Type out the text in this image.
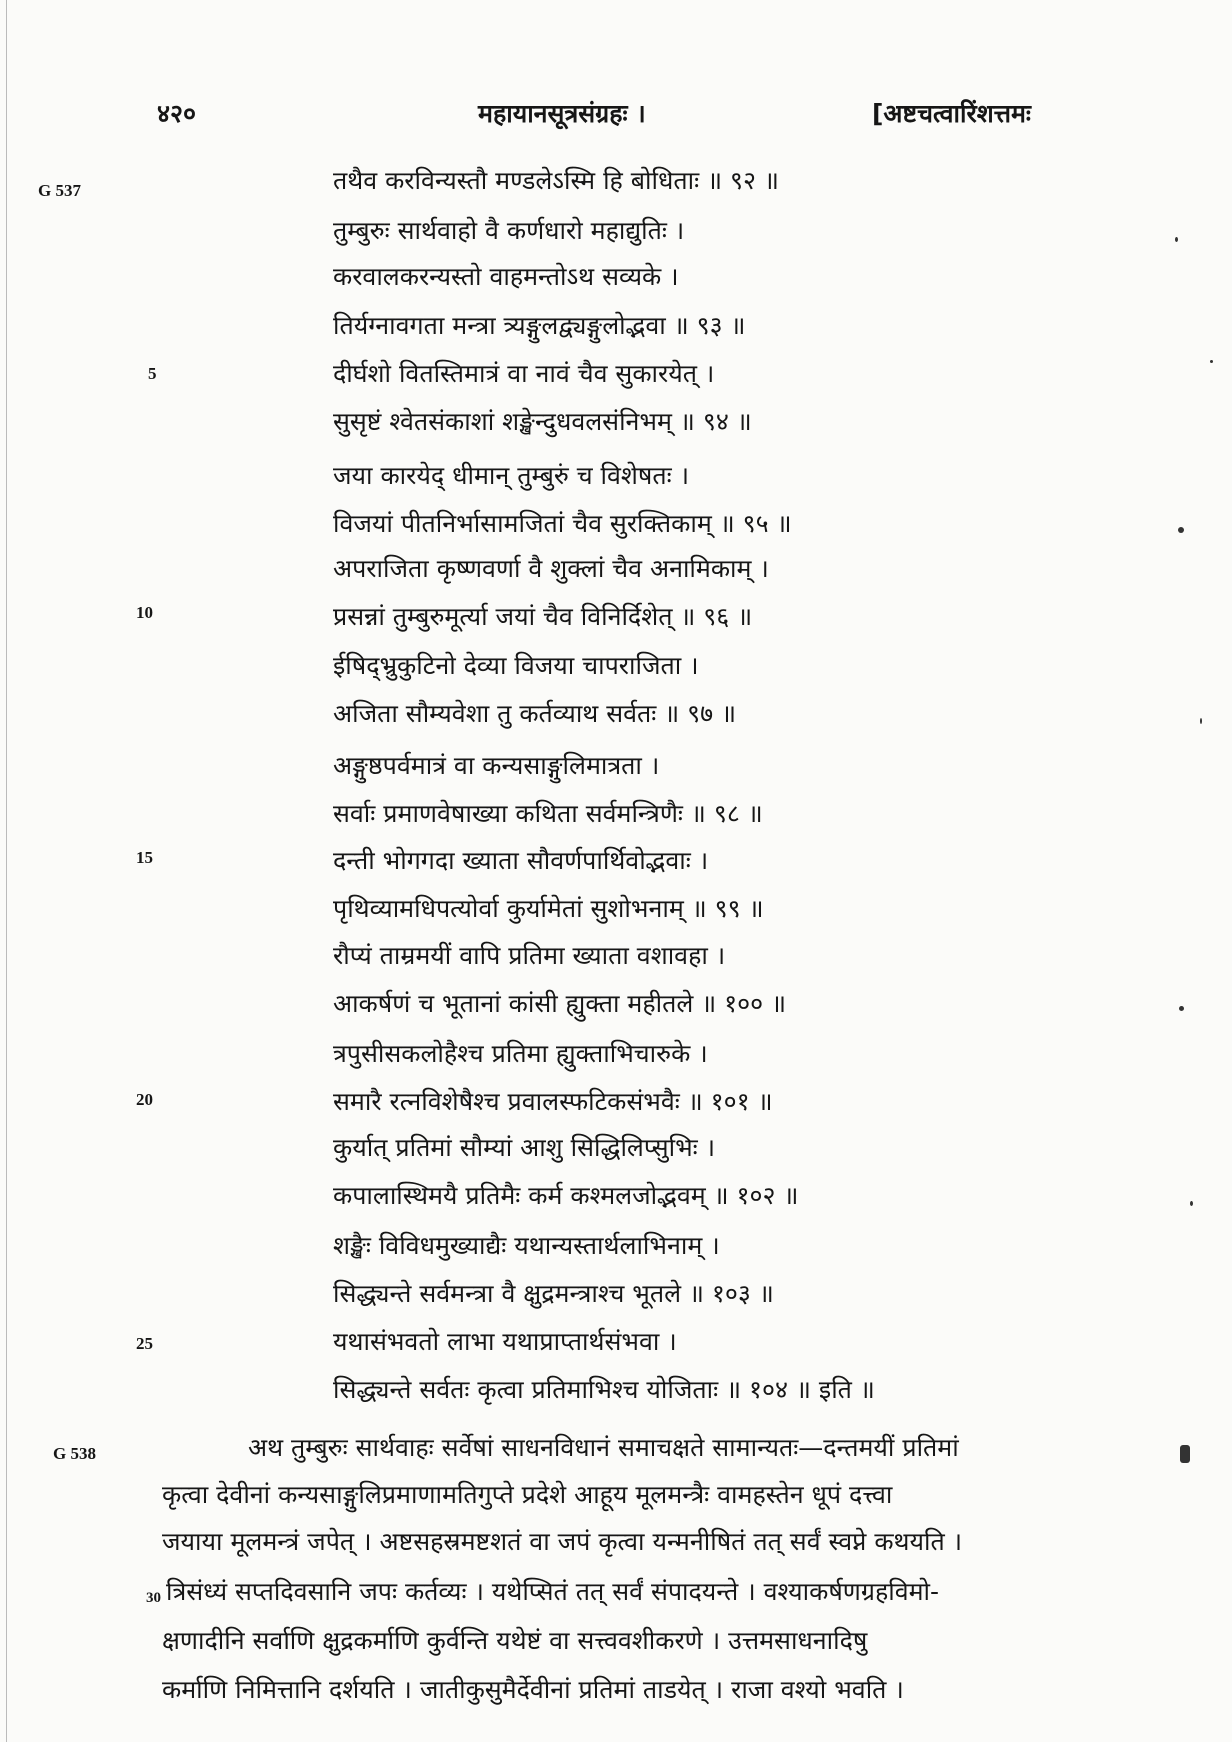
४२०	महायानसूत्रसंग्रहः ।	[अष्टचत्वारिंशत्तमः
G 537
5
10
15
20
25
G 538
30
तथैव करविन्यस्तौ मण्डलेऽस्मि हि बोधिताः ॥ ९२ ॥
तुम्बुरुः सार्थवाहो वै कर्णधारो महाद्युतिः ।
करवालकरन्यस्तो वाहमन्तोऽथ सव्यके ।
तिर्यग्नावगता मन्त्रा त्र्यङ्गुलद्व्यङ्गुलोद्भवा ॥ ९३ ॥
दीर्घशो वितस्तिमात्रं वा नावं चैव सुकारयेत् ।
सुसृष्टं श्वेतसंकाशां शङ्खेन्दुधवलसंनिभम् ॥ ९४ ॥
जया कारयेद् धीमान् तुम्बुरुं च विशेषतः ।
विजयां पीतनिर्भासामजितां चैव सुरक्तिकाम् ॥ ९५ ॥
अपराजिता कृष्णवर्णा वै शुक्लां चैव अनामिकाम् ।
प्रसन्नां तुम्बुरुमूर्त्या जयां चैव विनिर्दिशेत् ॥ ९६ ॥
ईषिद्भ्रुकुटिनो देव्या विजया चापराजिता ।
अजिता सौम्यवेशा तु कर्तव्याथ सर्वतः ॥ ९७ ॥
अङ्गुष्ठपर्वमात्रं वा कन्यसाङ्गुलिमात्रता ।
सर्वाः प्रमाणवेषाख्या कथिता सर्वमन्त्रिणैः ॥ ९८ ॥
दन्ती भोगगदा ख्याता सौवर्णपार्थिवोद्भवाः ।
पृथिव्यामधिपत्योर्वा कुर्यामेतां सुशोभनाम् ॥ ९९ ॥
रौप्यं ताम्रमयीं वापि प्रतिमा ख्याता वशावहा ।
आकर्षणं च भूतानां कांसी ह्युक्ता महीतले ॥ १०० ॥
त्रपुसीसकलोहैश्च प्रतिमा ह्युक्ताभिचारुके ।
समारै रत्नविशेषैश्च प्रवालस्फटिकसंभवैः ॥ १०१ ॥
कुर्यात् प्रतिमां सौम्यां आशु सिद्धिलिप्सुभिः ।
कपालास्थिमयै प्रतिमैः कर्म कश्मलजोद्भवम् ॥ १०२ ॥
शङ्खैः विविधमुख्याद्यैः यथान्यस्तार्थलाभिनाम् ।
सिद्ध्यन्ते सर्वमन्त्रा वै क्षुद्रमन्त्राश्च भूतले ॥ १०३ ॥
यथासंभवतो लाभा यथाप्राप्तार्थसंभवा ।
सिद्ध्यन्ते सर्वतः कृत्वा प्रतिमाभिश्च योजिताः ॥ १०४ ॥ इति ॥
अथ तुम्बुरुः सार्थवाहः सर्वेषां साधनविधानं समाचक्षते सामान्यतः—दन्तमयीं प्रतिमां
कृत्वा देवीनां कन्यसाङ्गुलिप्रमाणामतिगुप्ते प्रदेशे आहूय मूलमन्त्रैः वामहस्तेन धूपं दत्त्वा
जयाया मूलमन्त्रं जपेत् । अष्टसहस्रमष्टशतं वा जपं कृत्वा यन्मनीषितं तत् सर्वं स्वप्ने कथयति ।
त्रिसंध्यं सप्तदिवसानि जपः कर्तव्यः । यथेप्सितं तत् सर्वं संपादयन्ते । वश्याकर्षणग्रहविमो-
क्षणादीनि सर्वाणि क्षुद्रकर्माणि कुर्वन्ति यथेष्टं वा सत्त्ववशीकरणे । उत्तमसाधनादिषु
कर्माणि निमित्तानि दर्शयति । जातीकुसुमैर्देवीनां प्रतिमां ताडयेत् । राजा वश्यो भवति ।
